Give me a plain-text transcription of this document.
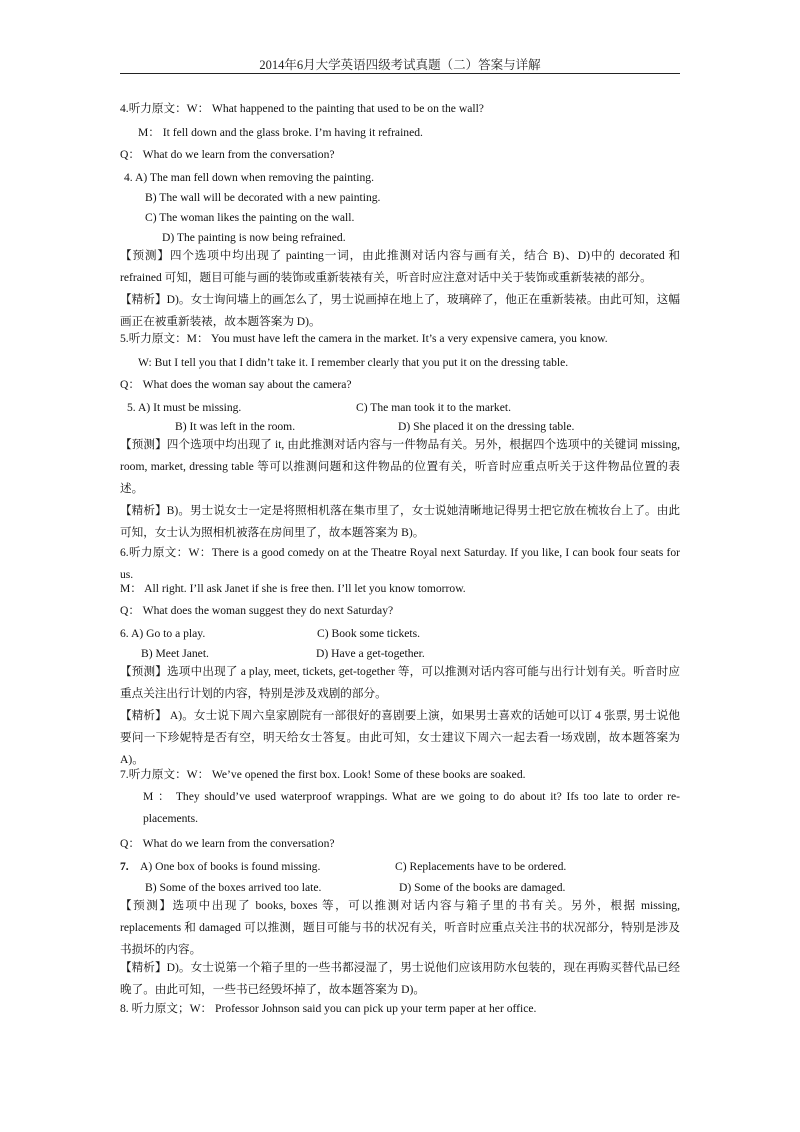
2014年6月大学英语四级考试真题（二）答案与详解
4.听力原文：W： What happened to the painting that used to be on the wall?
M： It fell down and the glass broke. I’m having it refrained.
Q： What do we learn from the conversation?
4. A) The man fell down when removing the painting.
B) The wall will be decorated with a new painting.
C) The woman likes the painting on the wall.
D) The painting is now being refrained.
【预测】四个选项中均出现了 painting一词，由此推测对话内容与画有关，结合 B)、D)中的 decorated 和 refrained 可知，题目可能与画的装饰或重新装裱有关，听音时应注意对话中关于装饰或重新装裱的部分。
【精析】D)。女士询问墙上的画怎么了，男士说画掉在地上了，玻璃碎了，他正在重新装裱。由此可知，这幅画正在被重新装裱，故本题答案为 D)。
5.听力原文：M： You must have left the camera in the market. It’s a very expensive camera, you know.
W: But I tell you that I didn’t take it. I remember clearly that you put it on the dressing table.
Q： What does the woman say about the camera?
5. A) It must be missing.	C) The man took it to the market.
B) It was left in the room.	D) She placed it on the dressing table.
【预测】四个选项中均出现了 it, 由此推测对话内容与一件物品有关。另外，根据四个选项中的关键词 missing, room, market, dressing table 等可以推测问题和这件物品的位置有关，听音时应重点听关于这件物品位置的表述。
【精析】B)。男士说女士一定是将照相机落在集市里了，女士说她清晰地记得男士把它放在梳妆台上了。由此可知，女士认为照相机被落在房间里了，故本题答案为 B)。
6.听力原文：W：There is a good comedy on at the Theatre Royal next Saturday. If you like, I can book four seats for us.
M： All right. I’ll ask Janet if she is free then. I’ll let you know tomorrow.
Q： What does the woman suggest they do next Saturday?
6. A) Go to a play.	C) Book some tickets.
B) Meet Janet.	D) Have a get-together.
【预测】选项中出现了 a play, meet, tickets, get-together 等，可以推测对话内容可能与出行计划有关。听音时应重点关注出行计划的内容，特别是涉及戏剧的部分。
【精析】 A)。女士说下周六皇家剧院有一部很好的喜剧要上演，如果男士喜欢的话她可以订 4 张票, 男士说他要问一下珍妮特是否有空，明天给女士答复。由此可知，女士建议下周六一起去看一场戏剧，故本题答案为 A)。
7.听力原文：W： We’ve opened the first box. Look! Some of these books are soaked.
M ： They should’ve used waterproof wrappings. What are we going to do about it? Ifs too late to order re-placements.
Q： What do we learn from the conversation?
7. A) One box of books is found missing.	C) Replacements have to be ordered.
B) Some of the boxes arrived too late.	D) Some of the books are damaged.
【预测】选项中出现了 books, boxes 等，可以推测对话内容与箱子里的书有关。另外，根据 missing, replacements 和 damaged 可以推测，题目可能与书的状况有关，听音时应重点关注书的状况部分，特别是涉及书损坏的内容。
【精析】D)。女士说第一个箱子里的一些书都浸湿了，男士说他们应该用防水包装的，现在再购买替代品已经晚了。由此可知，一些书已经毁坏掉了，故本题答案为 D)。
8. 听力原文；W： Professor Johnson said you can pick up your term paper at her office.
